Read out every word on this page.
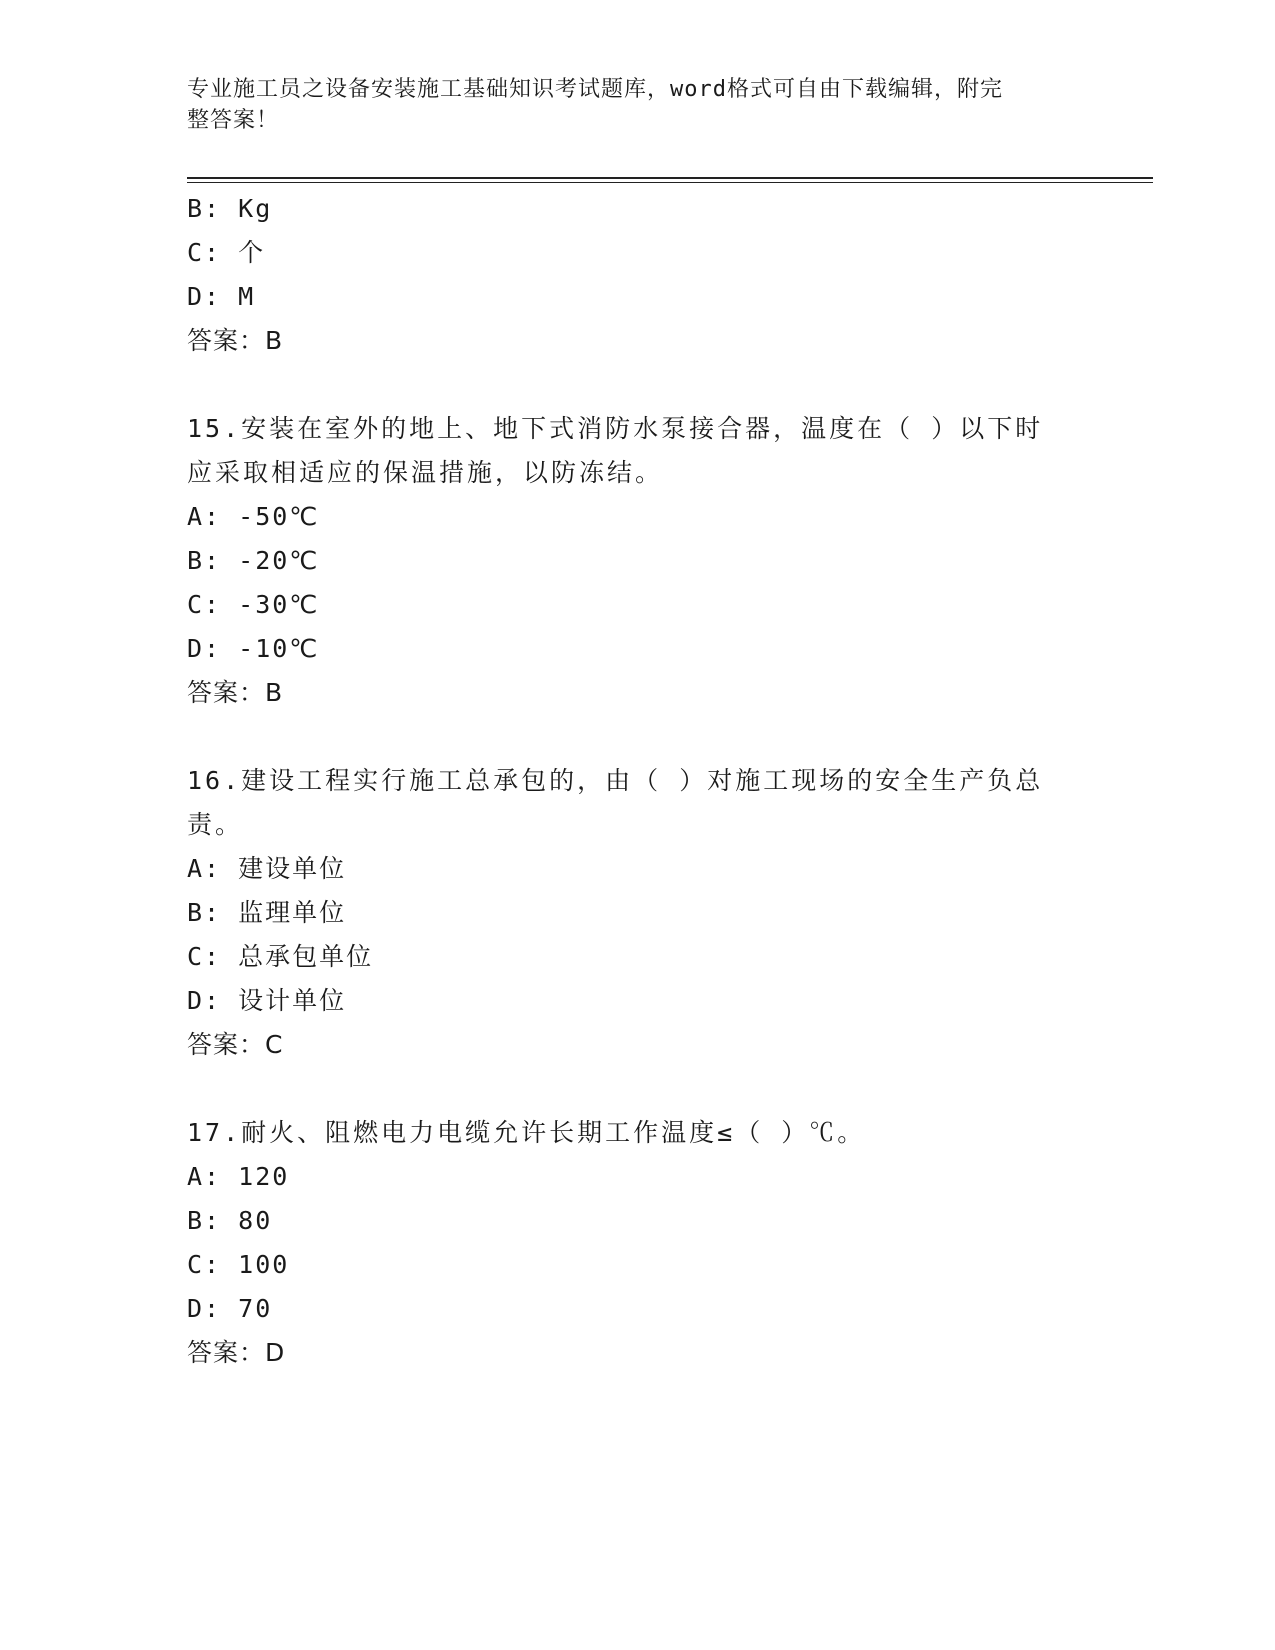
专业施工员之设备安装施工基础知识考试题库，word格式可自由下载编辑，附完
整答案！
B: Kg
C: 个
D: M
答案：B
15.安装在室外的地上、地下式消防水泵接合器，温度在（ ）以下时
应采取相适应的保温措施，以防冻结。
A: -50℃
B: -20℃
C: -30℃
D: -10℃
答案：B
16.建设工程实行施工总承包的，由（ ）对施工现场的安全生产负总
责。
A: 建设单位
B: 监理单位
C: 总承包单位
D: 设计单位
答案：C
17.耐火、阻燃电力电缆允许长期工作温度≤（ ）℃。
A: 120
B: 80
C: 100
D: 70
答案：D
